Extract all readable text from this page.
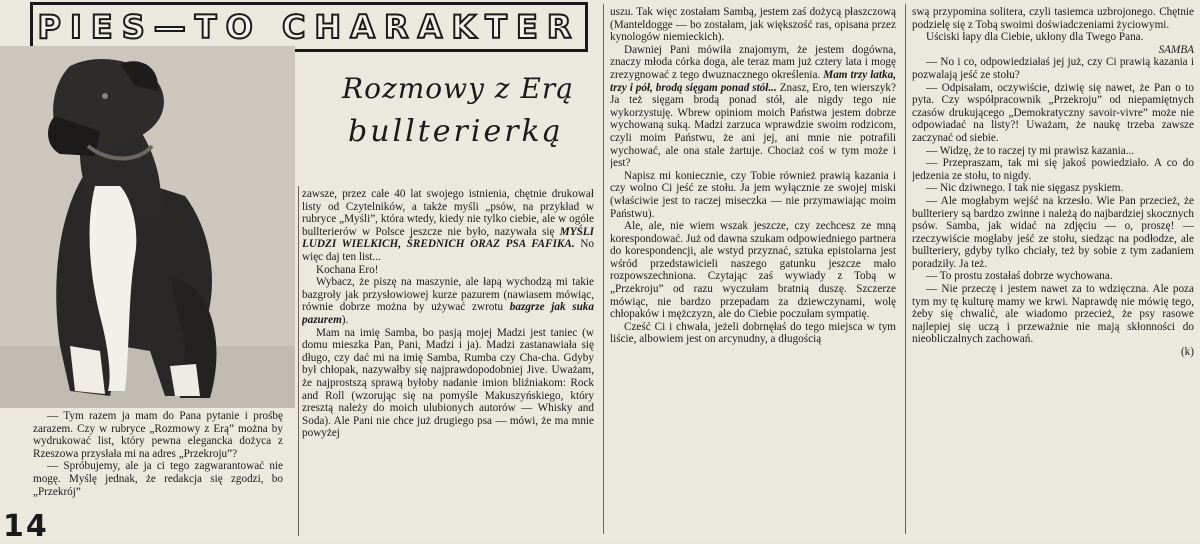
PIES—TO CHARAKTER
Rozmowy z Erą
bullterierką

— Tym razem ja mam do Pana pytanie i prośbę zarazem. Czy w rubryce „Rozmowy z Erą” można by wydrukować list, który pewna elegancka dożyca z Rzeszowa przysłała mi na adres „Przekroju”?

— Spróbujemy, ale ja ci tego zagwarantować nie mogę. Myślę jednak, że redakcja się zgodzi, bo „Przekrój”

zawsze, przez całe 40 lat swojego istnienia, chętnie drukował listy od Czytelników, a także myśli „psów, na przykład w rubryce „Myśli”, która wtedy, kiedy nie tylko ciebie, ale w ogóle bullterierów w Polsce jeszcze nie było, nazywała się MYŚLI LUDZI WIELKICH, ŚREDNICH ORAZ PSA FAFIKA. No więc daj ten list...

Kochana Ero!

Wybacz, że piszę na maszynie, ale łapą wychodzą mi takie bazgroły jak przysłowiowej kurze pazurem (nawiasem mówiąc, równie dobrze można by używać zwrotu bazgrze jak suka pazurem).

Mam na imię Samba, bo pasją mojej Madzi jest taniec (w domu mieszka Pan, Pani, Madzi i ja). Madzi zastanawiała się długo, czy dać mi na imię Samba, Rumba czy Cha-cha. Gdyby był chłopak, nazywałby się najprawdopodobniej Jive. Uważam, że najprostszą sprawą byłoby nadanie imion bliźniakom: Rock and Roll (wzorując się na pomyśle Makuszyńskiego, który zresztą należy do moich ulubionych autorów — Whisky and Soda). Ale Pani nie chce już drugiego psa — mówi, że ma mnie powyżej

uszu. Tak więc zostałam Sambą, jestem zaś dożycą płaszczową (Manteldogge — bo zostałam, jak większość ras, opisana przez kynologów niemieckich).

Dawniej Pani mówiła znajomym, że jestem dogówna, znaczy młoda córka doga, ale teraz mam już cztery lata i mogę zrezygnować z tego dwuznacznego określenia. Mam trzy latka, trzy i pół, brodą sięgam ponad stół... Znasz, Ero, ten wierszyk? Ja też sięgam brodą ponad stół, ale nigdy tego nie wykorzystuję. Wbrew opiniom moich Państwa jestem dobrze wychowaną suką. Madzi zarzuca wprawdzie swoim rodzicom, czyli moim Państwu, że ani jej, ani mnie nie potrafili wychować, ale ona stale żartuje. Chociaż coś w tym może i jest?

Napisz mi koniecznie, czy Tobie również prawią kazania i czy wolno Ci jeść ze stołu. Ja jem wyłącznie ze swojej miski (właściwie jest to raczej miseczka — nie przymawiając moim Państwu).

Ale, ale, nie wiem wszak jeszcze, czy zechcesz ze mną korespondować. Już od dawna szukam odpowiedniego partnera do korespondencji, ale wstyd przyznać, sztuka epistolarna jest wśród przedstawicieli naszego gatunku jeszcze mało rozpowszechniona. Czytając zaś wywiady z Tobą w „Przekroju” od razu wyczułam bratnią duszę. Szczerze mówiąc, nie bardzo przepadam za dziewczynami, wolę chłopaków i mężczyzn, ale do Ciebie poczułam sympatię.

Cześć Ci i chwała, jeżeli dobrnęłaś do tego miejsca w tym liście, albowiem jest on arcynudny, a długością

swą przypomina solitera, czyli tasiemca uzbrojonego. Chętnie podzielę się z Tobą swoimi doświadczeniami życiowymi.

Uściski łapy dla Ciebie, ukłony dla Twego Pana.

SAMBA

— No i co, odpowiedziałaś jej już, czy Ci prawią kazania i pozwalają jeść ze stołu?

— Odpisałam, oczywiście, dziwię się nawet, że Pan o to pyta. Czy współpracownik „Przekroju” od niepamiętnych czasów drukującego „Demokratyczny savoir-vivre” może nie odpowiadać na listy?! Uważam, że naukę trzeba zawsze zaczynać od siebie.

— Widzę, że to raczej ty mi prawisz kazania...

— Przepraszam, tak mi się jakoś powiedziało. A co do jedzenia ze stołu, to nigdy.

— Nic dziwnego. I tak nie sięgasz pyskiem.

— Ale mogłabym wejść na krzesło. Wie Pan przecież, że bullteriery są bardzo zwinne i należą do najbardziej skocznych psów. Samba, jak widać na zdjęciu — o, proszę! — rzeczywiście mogłaby jeść ze stołu, siedząc na podłodze, ale bullteriery, gdyby tylko chciały, też by sobie z tym zadaniem poradziły. Ja też.

— To prostu zostałaś dobrze wychowana.

— Nie przeczę i jestem nawet za to wdzięczna. Ale poza tym my tę kulturę mamy we krwi. Naprawdę nie mówię tego, żeby się chwalić, ale wiadomo przecież, że psy rasowe najlepiej się uczą i przeważnie nie mają skłonności do nieobliczalnych zachowań.

(k)

14
